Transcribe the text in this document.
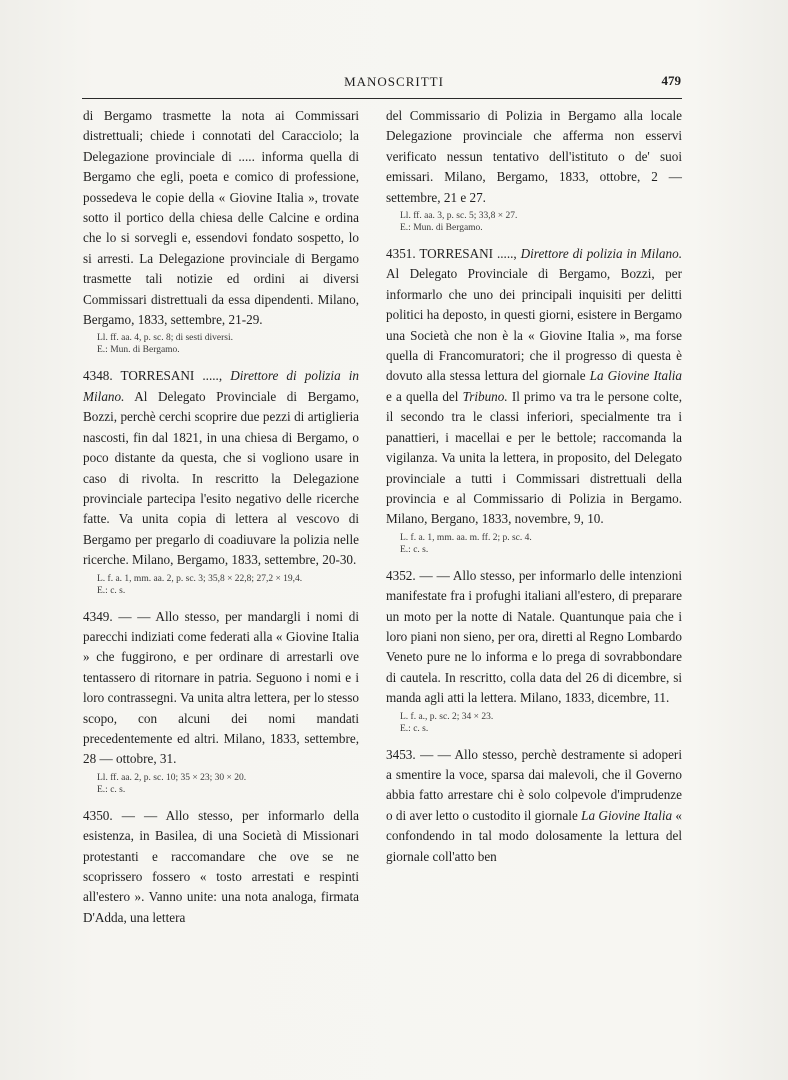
MANOSCRITTI	479

di Bergamo trasmette la nota ai Commissari distrettuali; chiede i connotati del Caracciolo; la Delegazione provinciale di ..... informa quella di Bergamo che egli, poeta e comico di professione, possedeva le copie della « Giovine Italia », trovate sotto il portico della chiesa delle Calcine e ordina che lo si sorvegli e, essendovi fondato sospetto, lo si arresti. La Delegazione provinciale di Bergamo trasmette tali notizie ed ordini ai diversi Commissari distrettuali da essa dipendenti. Milano, Bergamo, 1833, settembre, 21-29.

Ll. ff. aa. 4, p. sc. 8; di sesti diversi.
E.: Mun. di Bergamo.

4348. TORRESANI ....., Direttore di polizia in Milano. Al Delegato Provinciale di Bergamo, Bozzi, perchè cerchi scoprire due pezzi di artiglieria nascosti, fin dal 1821, in una chiesa di Bergamo, o poco distante da questa, che si vogliono usare in caso di rivolta. In rescritto la Delegazione provinciale partecipa l'esito negativo delle ricerche fatte. Va unita copia di lettera al vescovo di Bergamo per pregarlo di coadiuvare la polizia nelle ricerche. Milano, Bergamo, 1833, settembre, 20-30.

L. f. a. 1, mm. aa. 2, p. sc. 3; 35,8 × 22,8; 27,2 × 19,4.
E.: c. s.

4349. — — Allo stesso, per mandargli i nomi di parecchi indiziati come federati alla « Giovine Italia » che fuggirono, e per ordinare di arrestarli ove tentassero di ritornare in patria. Seguono i nomi e i loro contrassegni. Va unita altra lettera, per lo stesso scopo, con alcuni dei nomi mandati precedentemente ed altri. Milano, 1833, settembre, 28 — ottobre, 31.

Ll. ff. aa. 2, p. sc. 10; 35 × 23; 30 × 20.
E.: c. s.

4350. — — Allo stesso, per informarlo della esistenza, in Basilea, di una Società di Missionari protestanti e raccomandare che ove se ne scoprissero fossero « tosto arrestati e respinti all'estero ». Vanno unite: una nota analoga, firmata D'Adda, una lettera

del Commissario di Polizia in Bergamo alla locale Delegazione provinciale che afferma non esservi verificato nessun tentativo dell'istituto o de' suoi emissari. Milano, Bergamo, 1833, ottobre, 2 — settembre, 21 e 27.

Ll. ff. aa. 3, p. sc. 5; 33,8 × 27.
E.: Mun. di Bergamo.

4351. TORRESANI ....., Direttore di polizia in Milano. Al Delegato Provinciale di Bergamo, Bozzi, per informarlo che uno dei principali inquisiti per delitti politici ha deposto, in questi giorni, esistere in Bergamo una Società che non è la « Giovine Italia », ma forse quella di Francomuratori; che il progresso di questa è dovuto alla stessa lettura del giornale La Giovine Italia e a quella del Tribuno. Il primo va tra le persone colte, il secondo tra le classi inferiori, specialmente tra i panattieri, i macellai e per le bettole; raccomanda la vigilanza. Va unita la lettera, in proposito, del Delegato provinciale a tutti i Commissari distrettuali della provincia e al Commissario di Polizia in Bergamo. Milano, Bergano, 1833, novembre, 9, 10.

L. f. a. 1, mm. aa. m. ff. 2; p. sc. 4.
E.: c. s.

4352. — — Allo stesso, per informarlo delle intenzioni manifestate fra i profughi italiani all'estero, di preparare un moto per la notte di Natale. Quantunque paia che i loro piani non sieno, per ora, diretti al Regno Lombardo Veneto pure ne lo informa e lo prega di sovrabbondare di cautela. In rescritto, colla data del 26 di dicembre, si manda agli atti la lettera. Milano, 1833, dicembre, 11.

L. f. a., p. sc. 2; 34 × 23.
E.: c. s.

3453. — — Allo stesso, perchè destramente si adoperi a smentire la voce, sparsa dai malevoli, che il Governo abbia fatto arrestare chi è solo colpevole d'imprudenze o di aver letto o custodito il giornale La Giovine Italia « confondendo in tal modo dolosamente la lettura del giornale coll'atto ben
